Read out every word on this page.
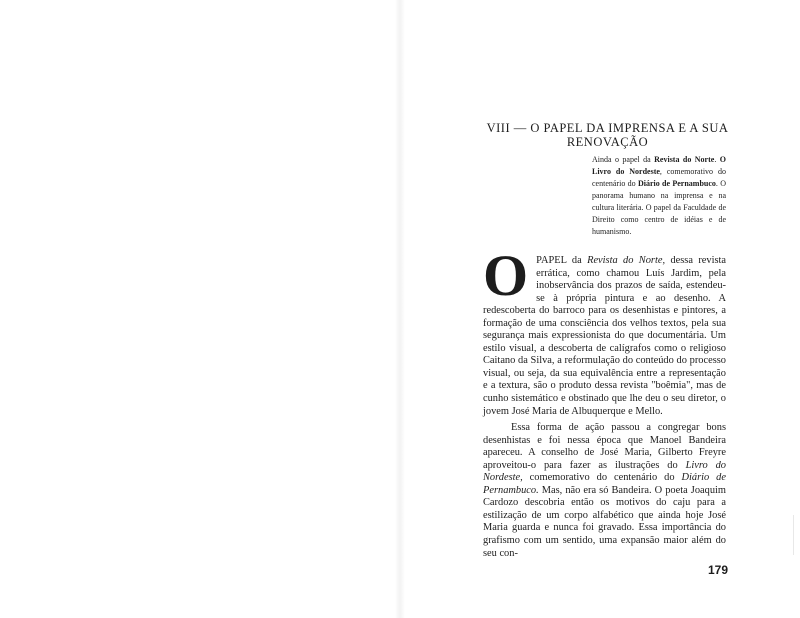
VIII — O PAPEL DA IMPRENSA E A SUA
RENOVAÇÃO
Ainda o papel da Revista do Norte. O Livro do Nordeste, comemorativo do centenário do Diário de Pernambuco. O panorama humano na imprensa e na cultura literária. O papel da Faculdade de Direito como centro de idéias e de humanismo.

OPAPEL da Revista do Norte, dessa revista errática, como chamou Luís Jardim, pela inobservância dos prazos de saída, estendeu-se à própria pintura e ao desenho. A redescoberta do barroco para os desenhistas e pintores, a formação de uma consciência dos velhos textos, pela sua segurança mais expressionista do que documentária. Um estilo visual, a descoberta de calígrafos como o religioso Caitano da Silva, a reformulação do conteúdo do processo visual, ou seja, da sua equivalência entre a representação e a textura, são o produto dessa revista "boêmia", mas de cunho sistemático e obstinado que lhe deu o seu diretor, o jovem José Maria de Albuquerque e Mello.

Essa forma de ação passou a congregar bons desenhistas e foi nessa época que Manoel Bandeira apareceu. A conselho de José Maria, Gilberto Freyre aproveitou-o para fazer as ilustrações do Livro do Nordeste, comemorativo do centenário do Diário de Pernambuco. Mas, não era só Bandeira. O poeta Joaquim Cardozo descobria então os motivos do caju para a estilização de um corpo alfabético que ainda hoje José Maria guarda e nunca foi gravado. Essa importância do grafismo com um sentido, uma expansão maior além do seu con-

179
